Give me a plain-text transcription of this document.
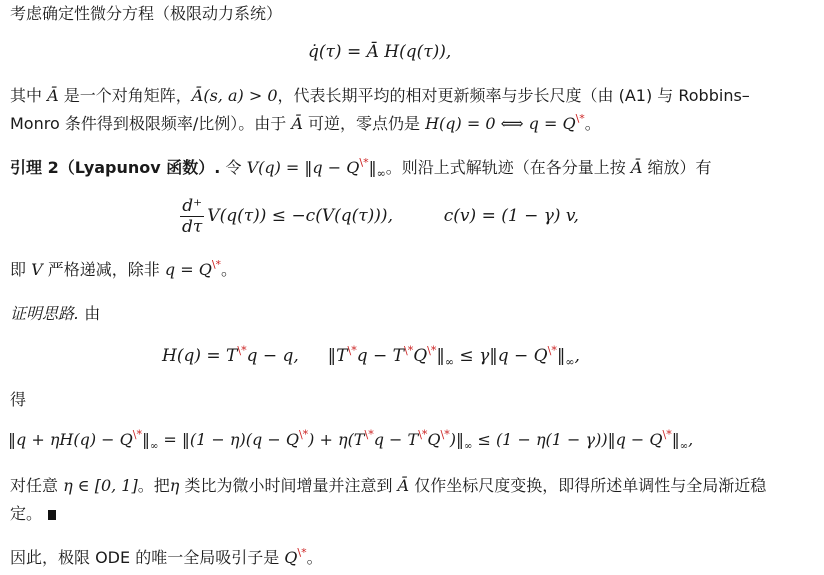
考虑确定性微分方程（极限动力系统）
q̇(τ) = Ā H(q(τ)),
其中 Ā 是一个对角矩阵，Ā(s, a) > 0，代表长期平均的相对更新频率与步长尺度（由 (A1) 与 Robbins–
Monro 条件得到极限频率/比例）。由于 Ā 可逆，零点仍是 H(q) = 0 ⟺ q = Q\*。
引理 2（Lyapunov 函数）. 令 V(q) = ‖q − $Q^{\backslash*}‖_\infty$。则沿上式解轨迹（在各分量上按 Ā 缩放）有
$\frac{d^+}{d\tau} V(q(\tau)) \le -c(V(q(\tau)))$,	c(v) = (1 − γ) v,
即 V 严格递减，除非 q = Q\*。
证明思路. 由
H(q) = T\*q − q, ‖T\*q − $T^{\backslash*}Q^{\backslash*}‖_\infty$ ≤ γ‖q − $Q^{\backslash*}‖_\infty$,
得
‖q + $\eta H(q) - Q^{\backslash*}‖_\infty$ = ‖(1 − $\eta)(q - Q^{\backslash*}) + \eta(T^{\backslash*}q - T^{\backslash*}Q^{\backslash*})‖_\infty \le (1 - \eta(1$ − γ))‖q − $Q^{\backslash*}‖_\infty$,
对任意 η ∈ [0, 1]。把η 类比为微小时间增量并注意到 Ā 仅作坐标尺度变换，即得所述单调性与全局渐近稳
定。
因此，极限 ODE 的唯一全局吸引子是 Q\*。
